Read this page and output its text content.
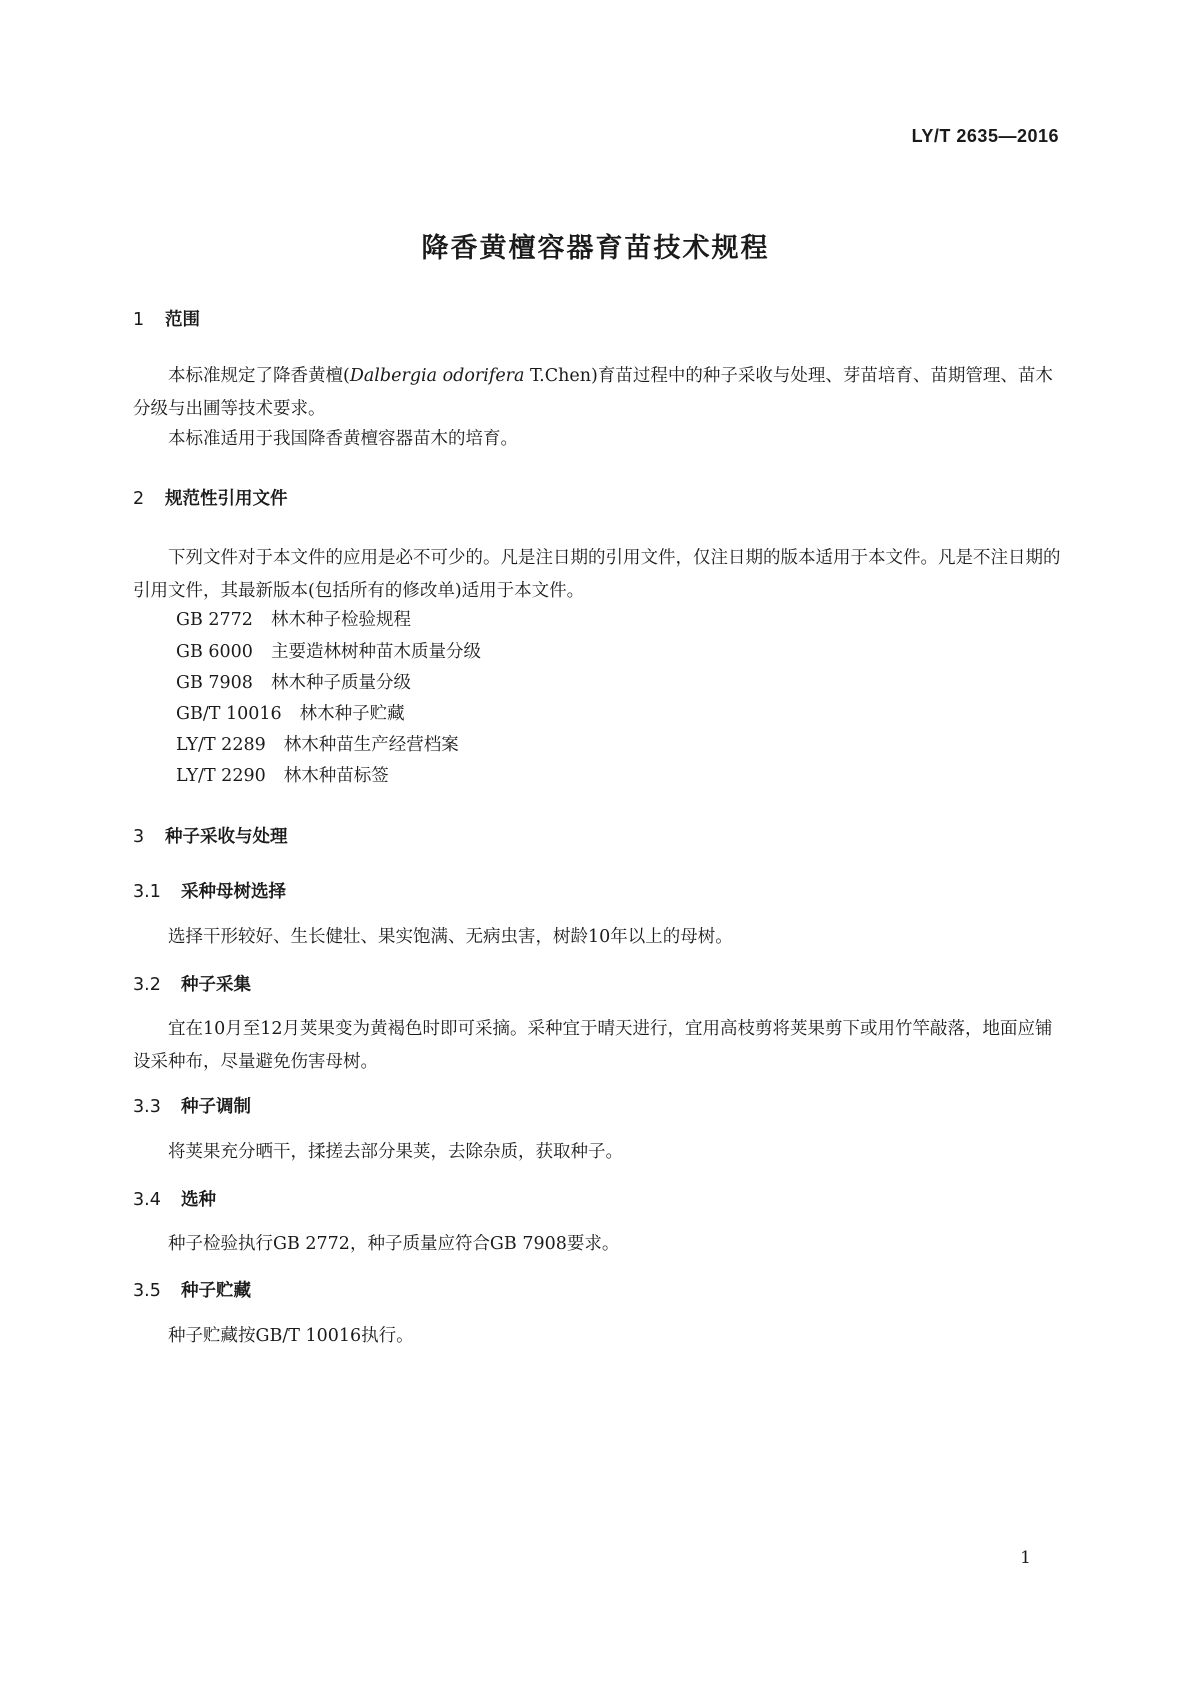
LY/T 2635—2016
降香黄檀容器育苗技术规程
1 范围
本标准规定了降香黄檀(Dalbergia odorifera T.Chen)育苗过程中的种子采收与处理、芽苗培育、苗期管理、苗木分级与出圃等技术要求。
本标准适用于我国降香黄檀容器苗木的培育。
2 规范性引用文件
下列文件对于本文件的应用是必不可少的。凡是注日期的引用文件，仅注日期的版本适用于本文件。凡是不注日期的引用文件，其最新版本(包括所有的修改单)适用于本文件。
GB 2772 林木种子检验规程
GB 6000 主要造林树种苗木质量分级
GB 7908 林木种子质量分级
GB/T 10016 林木种子贮藏
LY/T 2289 林木种苗生产经营档案
LY/T 2290 林木种苗标签
3 种子采收与处理
3.1 采种母树选择
选择干形较好、生长健壮、果实饱满、无病虫害，树龄10年以上的母树。
3.2 种子采集
宜在10月至12月荚果变为黄褐色时即可采摘。采种宜于晴天进行，宜用高枝剪将荚果剪下或用竹竿敲落，地面应铺设采种布，尽量避免伤害母树。
3.3 种子调制
将荚果充分晒干，揉搓去部分果荚，去除杂质，获取种子。
3.4 选种
种子检验执行GB 2772，种子质量应符合GB 7908要求。
3.5 种子贮藏
种子贮藏按GB/T 10016执行。
1
